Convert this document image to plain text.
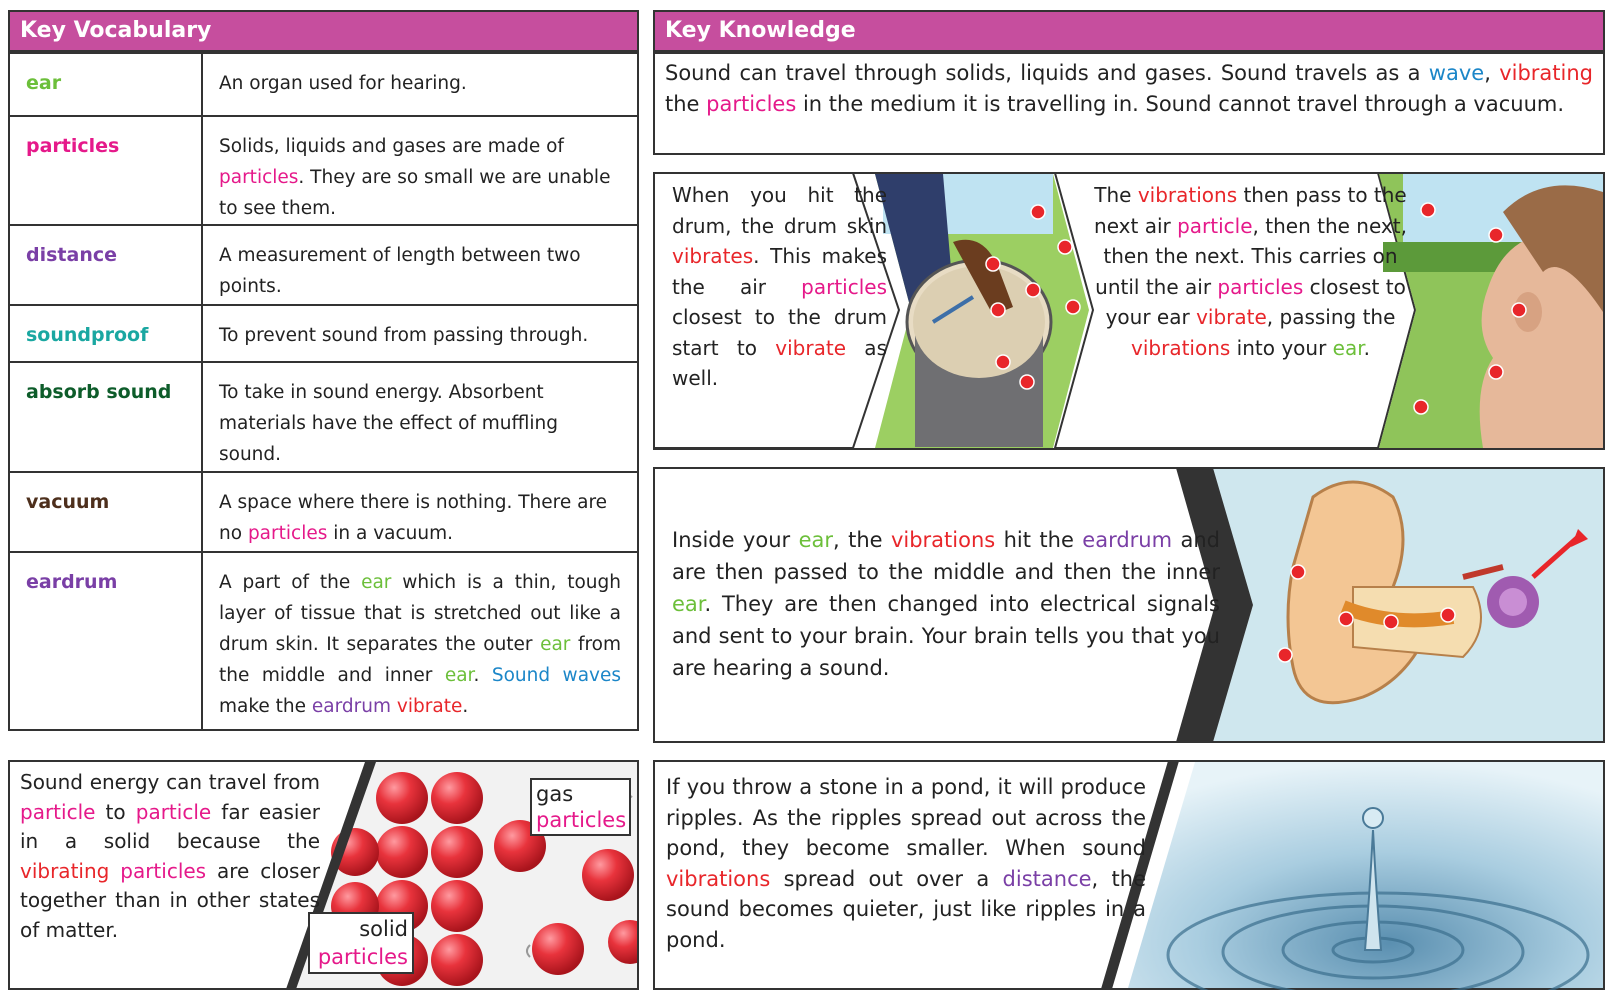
Key Vocabulary
ear	An organ used for hearing.
particles	Solids, liquids and gases are made of particles. They are so small we are unable to see them.
distance	A measurement of length between two points.
soundproof	To prevent sound from passing through.
absorb sound	To take in sound energy. Absorbent materials have the effect of muffling sound.
vacuum	A space where there is nothing. There are no particles in a vacuum.
eardrum	A part of the ear which is a thin, tough layer of tissue that is stretched out like a drum skin. It separates the outer ear from the middle and inner ear. Sound waves make the eardrum vibrate.
Sound energy can travel from particle to particle far easier in a solid because the vibrating particles are closer together than in other states of matter.
gas
particles
solid
particles
Key Knowledge
Sound can travel through solids, liquids and gases. Sound travels as a wave, vibrating the particles in the medium it is travelling in. Sound cannot travel through a vacuum.
When you hit the drum, the drum skin vibrates. This makes the air particles closest to the drum start to vibrate as well.
The vibrations then pass to the next air particle, then the next, then the next. This carries on until the air particles closest to your ear vibrate, passing the vibrations into your ear.
Inside your ear, the vibrations hit the eardrum and are then passed to the middle and then the inner ear. They are then changed into electrical signals and sent to your brain. Your brain tells you that you are hearing a sound.
If you throw a stone in a pond, it will produce ripples. As the ripples spread out across the pond, they become smaller. When sound vibrations spread out over a distance, the sound becomes quieter, just like ripples in a pond.
